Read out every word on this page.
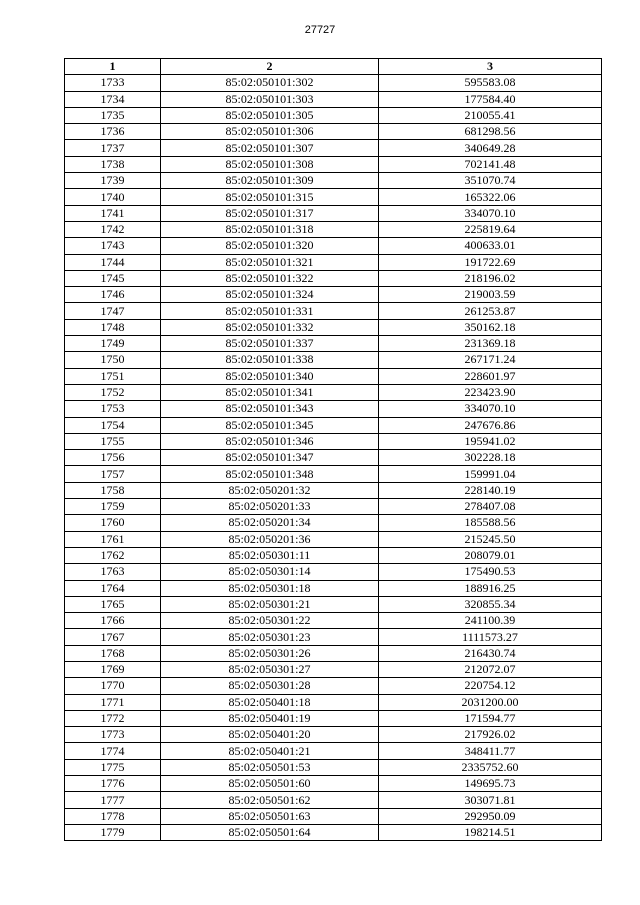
27727
1	2	3
1733	85:02:050101:302	595583.08
1734	85:02:050101:303	177584.40
1735	85:02:050101:305	210055.41
1736	85:02:050101:306	681298.56
1737	85:02:050101:307	340649.28
1738	85:02:050101:308	702141.48
1739	85:02:050101:309	351070.74
1740	85:02:050101:315	165322.06
1741	85:02:050101:317	334070.10
1742	85:02:050101:318	225819.64
1743	85:02:050101:320	400633.01
1744	85:02:050101:321	191722.69
1745	85:02:050101:322	218196.02
1746	85:02:050101:324	219003.59
1747	85:02:050101:331	261253.87
1748	85:02:050101:332	350162.18
1749	85:02:050101:337	231369.18
1750	85:02:050101:338	267171.24
1751	85:02:050101:340	228601.97
1752	85:02:050101:341	223423.90
1753	85:02:050101:343	334070.10
1754	85:02:050101:345	247676.86
1755	85:02:050101:346	195941.02
1756	85:02:050101:347	302228.18
1757	85:02:050101:348	159991.04
1758	85:02:050201:32	228140.19
1759	85:02:050201:33	278407.08
1760	85:02:050201:34	185588.56
1761	85:02:050201:36	215245.50
1762	85:02:050301:11	208079.01
1763	85:02:050301:14	175490.53
1764	85:02:050301:18	188916.25
1765	85:02:050301:21	320855.34
1766	85:02:050301:22	241100.39
1767	85:02:050301:23	1111573.27
1768	85:02:050301:26	216430.74
1769	85:02:050301:27	212072.07
1770	85:02:050301:28	220754.12
1771	85:02:050401:18	2031200.00
1772	85:02:050401:19	171594.77
1773	85:02:050401:20	217926.02
1774	85:02:050401:21	348411.77
1775	85:02:050501:53	2335752.60
1776	85:02:050501:60	149695.73
1777	85:02:050501:62	303071.81
1778	85:02:050501:63	292950.09
1779	85:02:050501:64	198214.51
